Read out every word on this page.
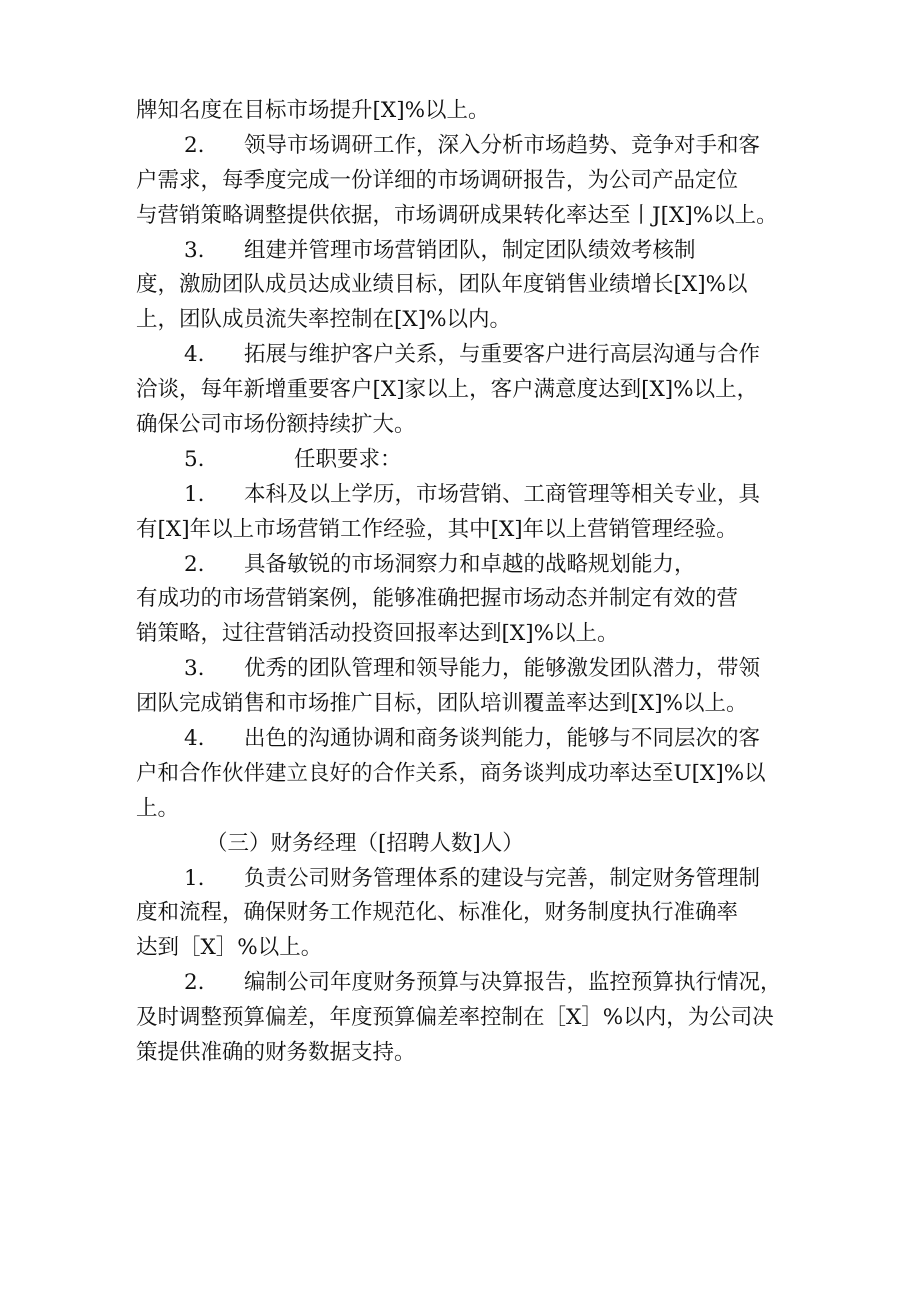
牌知名度在目标市场提升[X]%以上。
2. 领导市场调研工作，深入分析市场趋势、竞争对手和客
户需求，每季度完成一份详细的市场调研报告，为公司产品定位
与营销策略调整提供依据，市场调研成果转化率达至丨J[X]%以上。
3. 组建并管理市场营销团队，制定团队绩效考核制
度，激励团队成员达成业绩目标，团队年度销售业绩增长[X]%以
上，团队成员流失率控制在[X]%以内。
4. 拓展与维护客户关系，与重要客户进行高层沟通与合作
洽谈，每年新增重要客户[X]家以上，客户满意度达到[X]%以上，
确保公司市场份额持续扩大。
5.	任职要求：
1. 本科及以上学历，市场营销、工商管理等相关专业，具
有[X]年以上市场营销工作经验，其中[X]年以上营销管理经验。
2. 具备敏锐的市场洞察力和卓越的战略规划能力，
有成功的市场营销案例，能够准确把握市场动态并制定有效的营
销策略，过往营销活动投资回报率达到[X]%以上。
3. 优秀的团队管理和领导能力，能够激发团队潜力，带领
团队完成销售和市场推广目标，团队培训覆盖率达到[X]%以上。
4. 出色的沟通协调和商务谈判能力，能够与不同层次的客
户和合作伙伴建立良好的合作关系，商务谈判成功率达至U[X]%以
上。
（三）财务经理（[招聘人数]人）
1. 负责公司财务管理体系的建设与完善，制定财务管理制
度和流程，确保财务工作规范化、标准化，财务制度执行准确率
达到［X］%以上。
2. 编制公司年度财务预算与决算报告，监控预算执行情况，
及时调整预算偏差，年度预算偏差率控制在［X］%以内，为公司决
策提供准确的财务数据支持。
